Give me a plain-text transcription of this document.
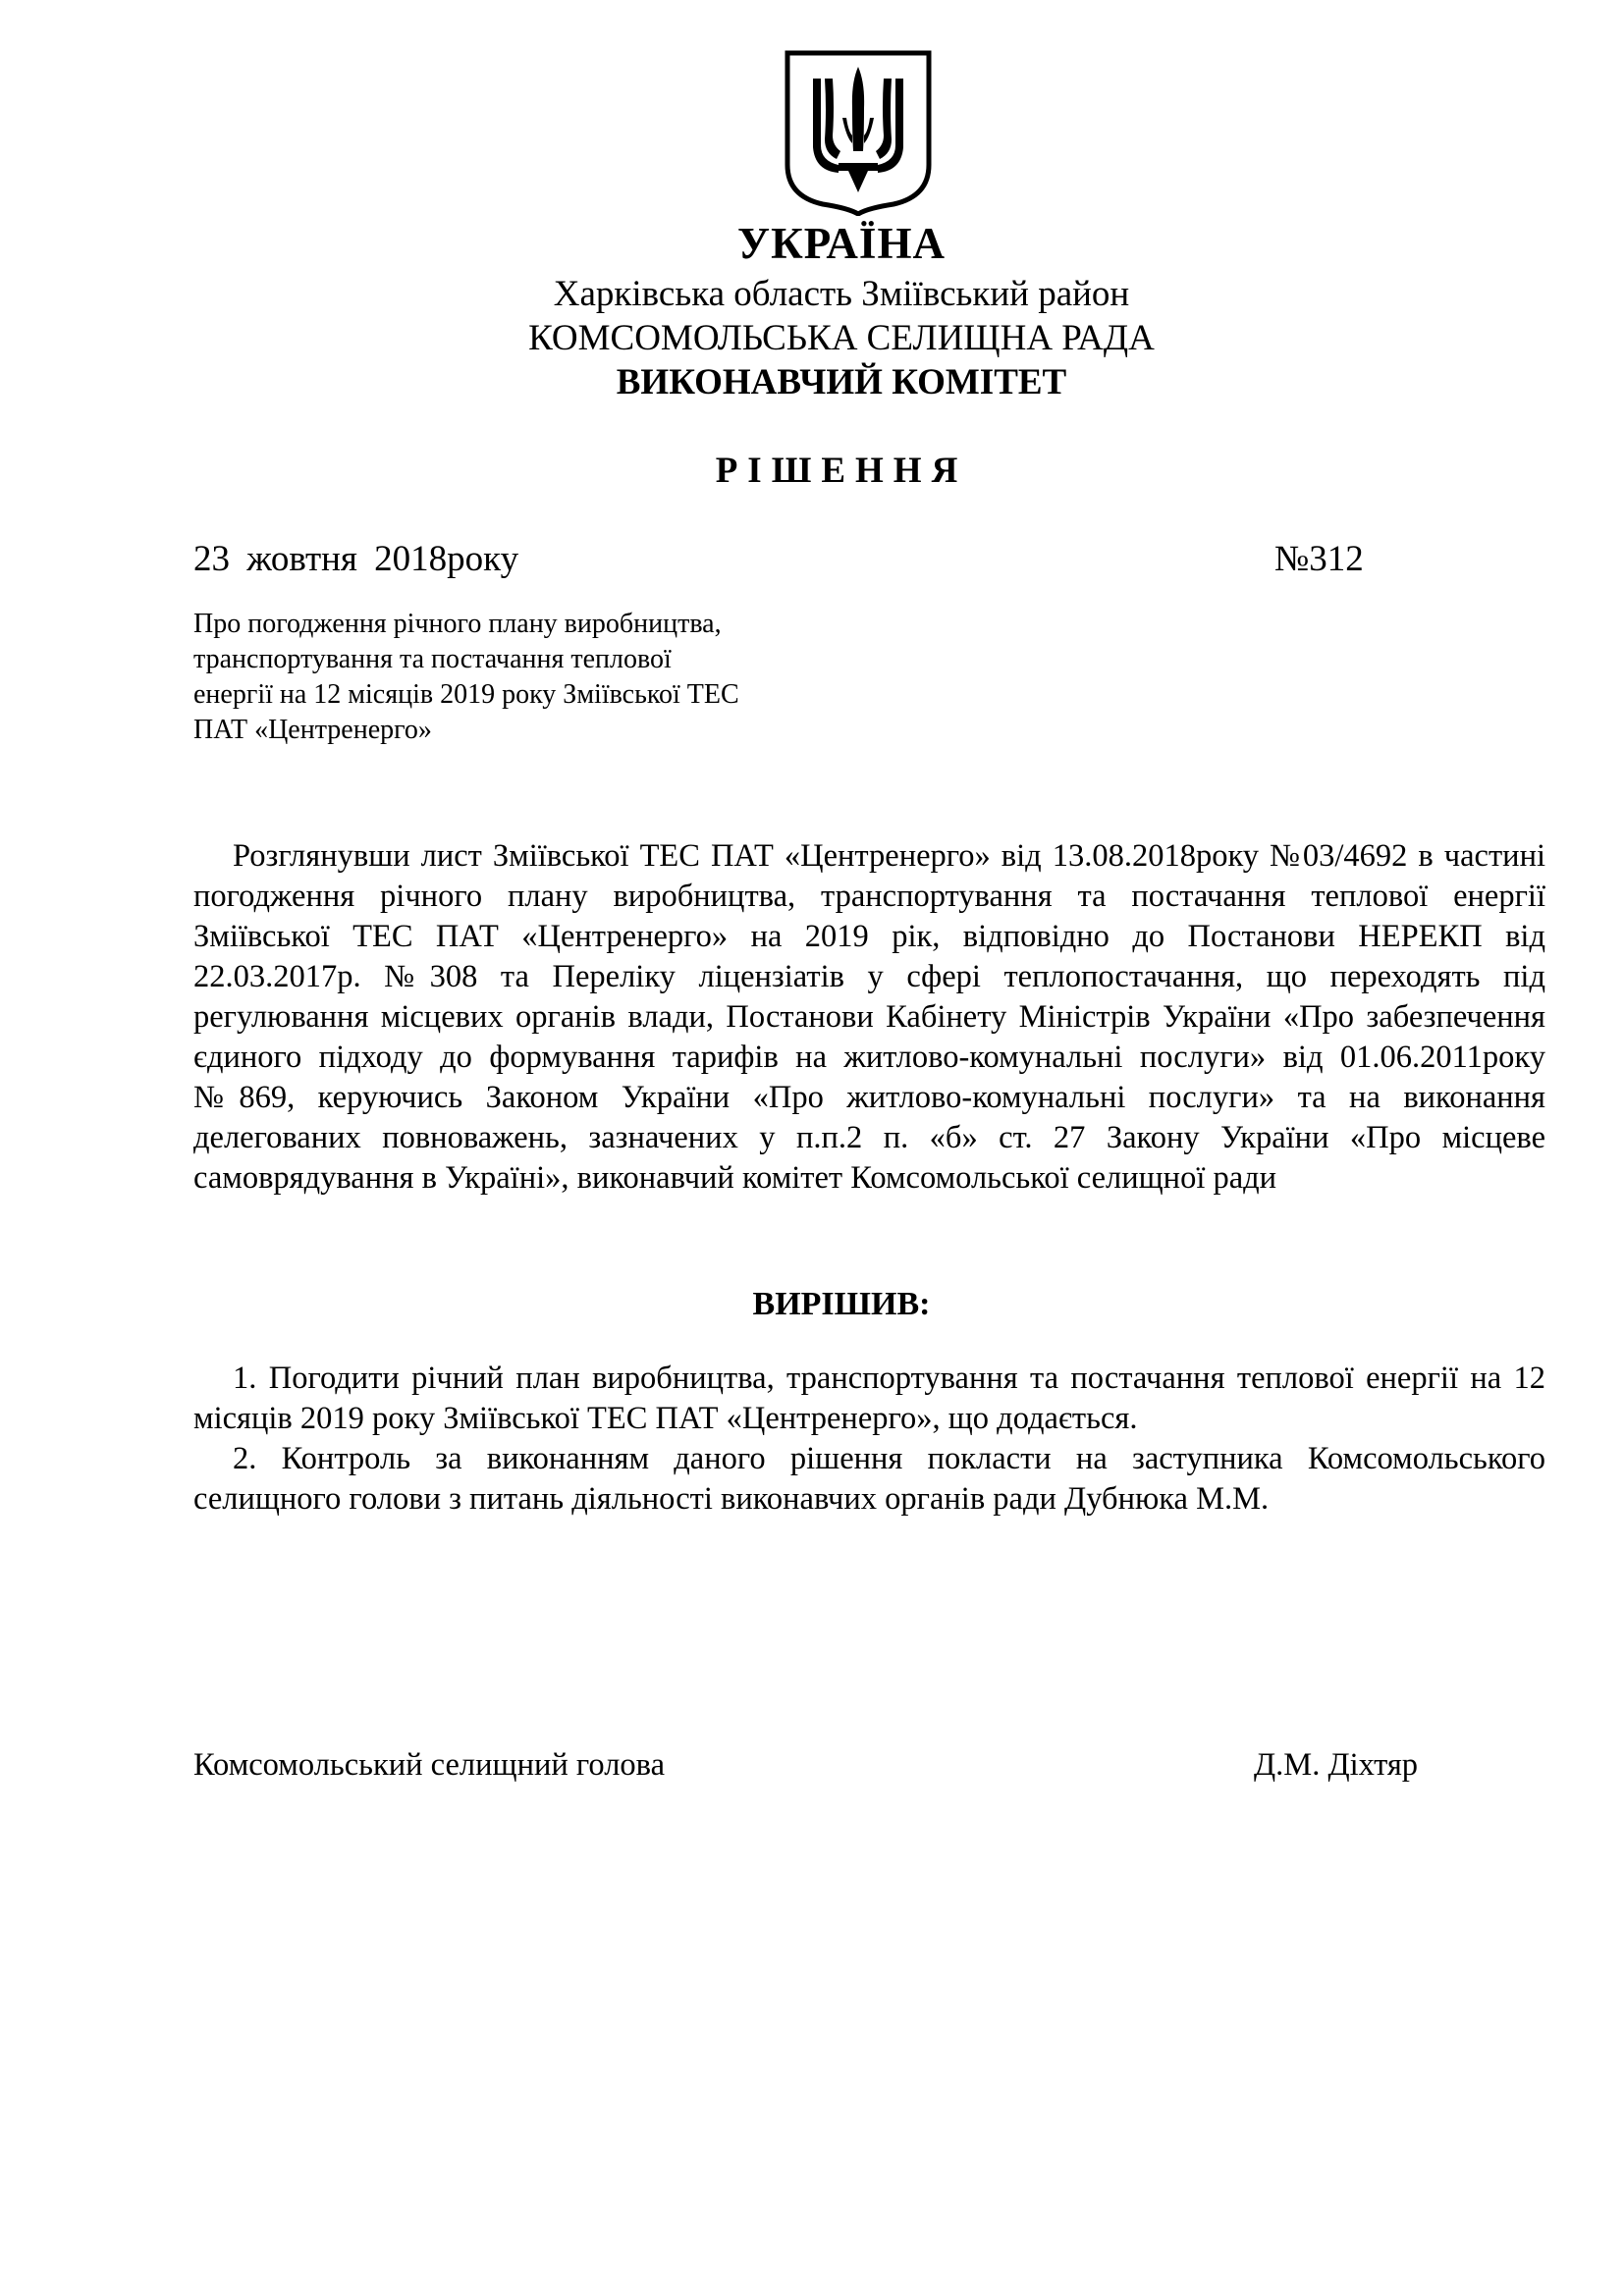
УКРАЇНА
Харківська область Зміївський район
КОМСОМОЛЬСЬКА СЕЛИЩНА РАДА
ВИКОНАВЧИЙ КОМІТЕТ
РІШЕННЯ
23 жовтня 2018року	№312
Про погодження річного плану виробництва,
транспортування та постачання теплової
енергії на 12 місяців 2019 року Зміївської ТЕС
ПАТ «Центренерго»

Розглянувши лист Зміївської ТЕС ПАТ «Центренерго» від 13.08.2018року №03/4692 в частині погодження річного плану виробництва, транспортування та постачання теплової енергії Зміївської ТЕС ПАТ «Центренерго» на 2019 рік, відповідно до Постанови НЕРЕКП від 22.03.2017р. №308 та Переліку ліцензіатів у сфері теплопостачання, що переходять під регулювання місцевих органів влади, Постанови Кабінету Міністрів України «Про забезпечення єдиного підходу до формування тарифів на житлово-комунальні послуги» від 01.06.2011року №869, керуючись Законом України «Про житлово-комунальні послуги» та на виконання делегованих повноважень, зазначених у п.п.2 п. «б» ст. 27 Закону України «Про місцеве самоврядування в Україні», виконавчий комітет Комсомольської селищної ради

ВИРІШИВ:

1. Погодити річний план виробництва, транспортування та постачання теплової енергії на 12 місяців 2019 року Зміївської ТЕС ПАТ «Центренерго», що додається.
2. Контроль за виконанням даного рішення покласти на заступника Комсомольського селищного голови з питань діяльності виконавчих органів ради Дубнюка М.М.
Комсомольський селищний голова	Д.М. Діхтяр
